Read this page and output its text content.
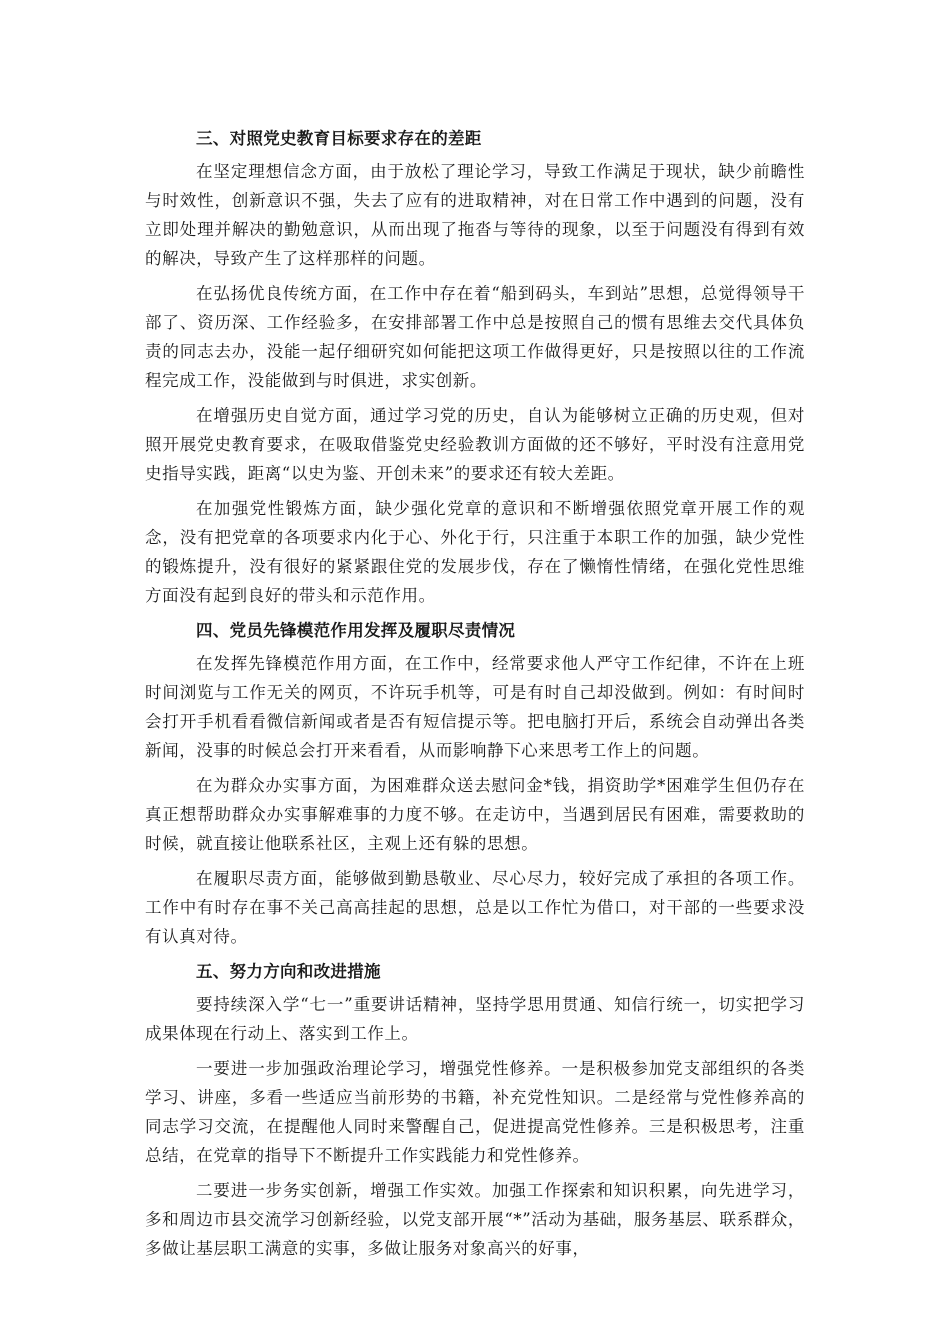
三、对照党史教育目标要求存在的差距

在坚定理想信念方面，由于放松了理论学习，导致工作满足于现状，缺少前瞻性与时效性，创新意识不强，失去了应有的进取精神，对在日常工作中遇到的问题，没有立即处理并解决的勤勉意识，从而出现了拖沓与等待的现象，以至于问题没有得到有效的解决，导致产生了这样那样的问题。

在弘扬优良传统方面，在工作中存在着“船到码头，车到站”思想，总觉得领导干部了、资历深、工作经验多，在安排部署工作中总是按照自己的惯有思维去交代具体负责的同志去办，没能一起仔细研究如何能把这项工作做得更好，只是按照以往的工作流程完成工作，没能做到与时俱进，求实创新。

在增强历史自觉方面，通过学习党的历史，自认为能够树立正确的历史观，但对照开展党史教育要求，在吸取借鉴党史经验教训方面做的还不够好，平时没有注意用党史指导实践，距离“以史为鉴、开创未来”的要求还有较大差距。

在加强党性锻炼方面，缺少强化党章的意识和不断增强依照党章开展工作的观念，没有把党章的各项要求内化于心、外化于行，只注重于本职工作的加强，缺少党性的锻炼提升，没有很好的紧紧跟住党的发展步伐，存在了懒惰性情绪，在强化党性思维方面没有起到良好的带头和示范作用。

四、党员先锋模范作用发挥及履职尽责情况

在发挥先锋模范作用方面，在工作中，经常要求他人严守工作纪律，不许在上班时间浏览与工作无关的网页，不许玩手机等，可是有时自己却没做到。例如：有时间时会打开手机看看微信新闻或者是否有短信提示等。把电脑打开后，系统会自动弹出各类新闻，没事的时候总会打开来看看，从而影响静下心来思考工作上的问题。

在为群众办实事方面，为困难群众送去慰问金*钱，捐资助学*困难学生但仍存在真正想帮助群众办实事解难事的力度不够。在走访中，当遇到居民有困难，需要救助的时候，就直接让他联系社区，主观上还有躲的思想。

在履职尽责方面，能够做到勤恳敬业、尽心尽力，较好完成了承担的各项工作。工作中有时存在事不关己高高挂起的思想，总是以工作忙为借口，对干部的一些要求没有认真对待。

五、努力方向和改进措施

要持续深入学“七一”重要讲话精神，坚持学思用贯通、知信行统一，切实把学习成果体现在行动上、落实到工作上。

一要进一步加强政治理论学习，增强党性修养。一是积极参加党支部组织的各类学习、讲座，多看一些适应当前形势的书籍，补充党性知识。二是经常与党性修养高的同志学习交流，在提醒他人同时来警醒自己，促进提高党性修养。三是积极思考，注重总结，在党章的指导下不断提升工作实践能力和党性修养。

二要进一步务实创新，增强工作实效。加强工作探索和知识积累，向先进学习，多和周边市县交流学习创新经验，以党支部开展“*”活动为基础，服务基层、联系群众，多做让基层职工满意的实事，多做让服务对象高兴的好事，
